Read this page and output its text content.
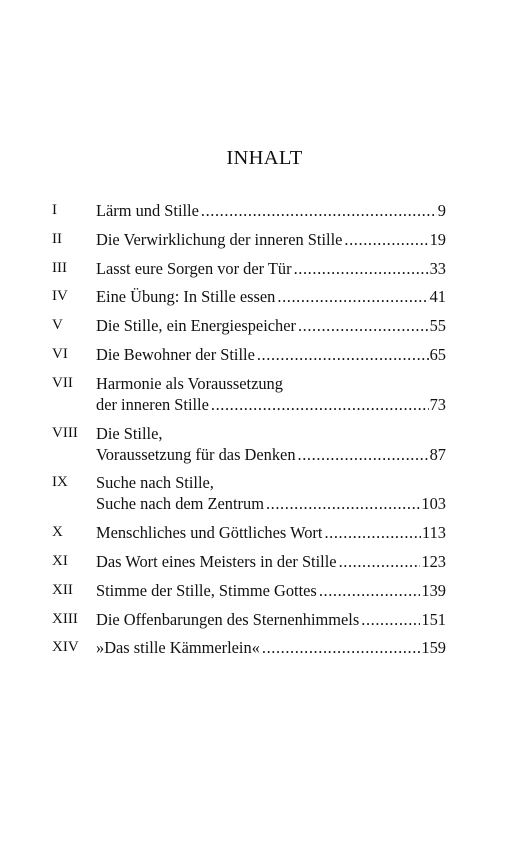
INHALT
I	Lärm und Stille .....	9
II	Die Verwirklichung der inneren Stille .....	19
III	Lasst eure Sorgen vor der Tür .....	33
IV	Eine Übung: In Stille essen .....	41
V	Die Stille, ein Energiespeicher .....	55
VI	Die Bewohner der Stille .....	65
VII	Harmonie als Voraussetzung
der inneren Stille .....	73
VIII	Die Stille,
Voraussetzung für das Denken .....	87
IX	Suche nach Stille,
Suche nach dem Zentrum .....	103
X	Menschliches und Göttliches Wort .....	113
XI	Das Wort eines Meisters in der Stille .....	123
XII	Stimme der Stille, Stimme Gottes .....	139
XIII	Die Offenbarungen des Sternenhimmels .....	151
XIV	»Das stille Kämmerlein« .....	159
